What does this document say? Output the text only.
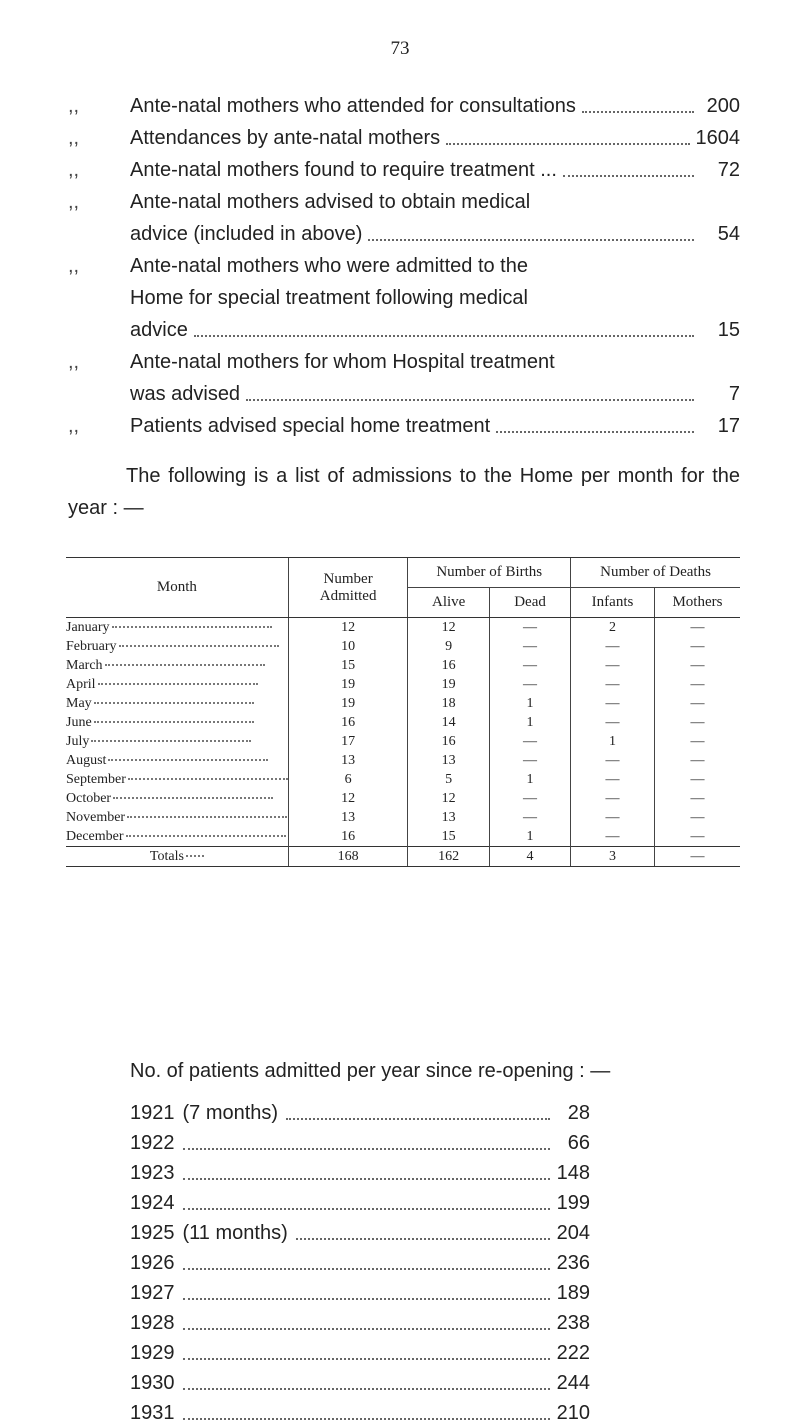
73
,,	Ante-natal mothers who attended for consultations	200
,,	Attendances by ante-natal mothers	1604
,,	Ante-natal mothers found to require treatment ...	72
,,	Ante-natal mothers advised to obtain medical
advice (included in above)	54
,,	Ante-natal mothers who were admitted to the
Home for special treatment following medical
advice	15
,,	Ante-natal mothers for whom Hospital treatment
was advised	7
,,	Patients advised special home treatment	17
The following is a list of admissions to the Home per month for the year : —
Month	Number Admitted	Number of Births		Number of Deaths	
		Alive	Dead	Infants	Mothers
January	12	12	—	2	—
February	10	9	—	—	—
March	15	16	—	—	—
April	19	19	—	—	—
May	19	18	1	—	—
June	16	14	1	—	—
July	17	16	—	1	—
August	13	13	—	—	—
September	6	5	1	—	—
October	12	12	—	—	—
November	13	13	—	—	—
December	16	15	1	—	—
Totals	168	162	4	3	—
No. of patients admitted per year since re-opening : —
1921 (7 months)	28
1922	66
1923	148
1924	199
1925 (11 months)	204
1926	236
1927	189
1928	238
1929	222
1930	244
1931	210
